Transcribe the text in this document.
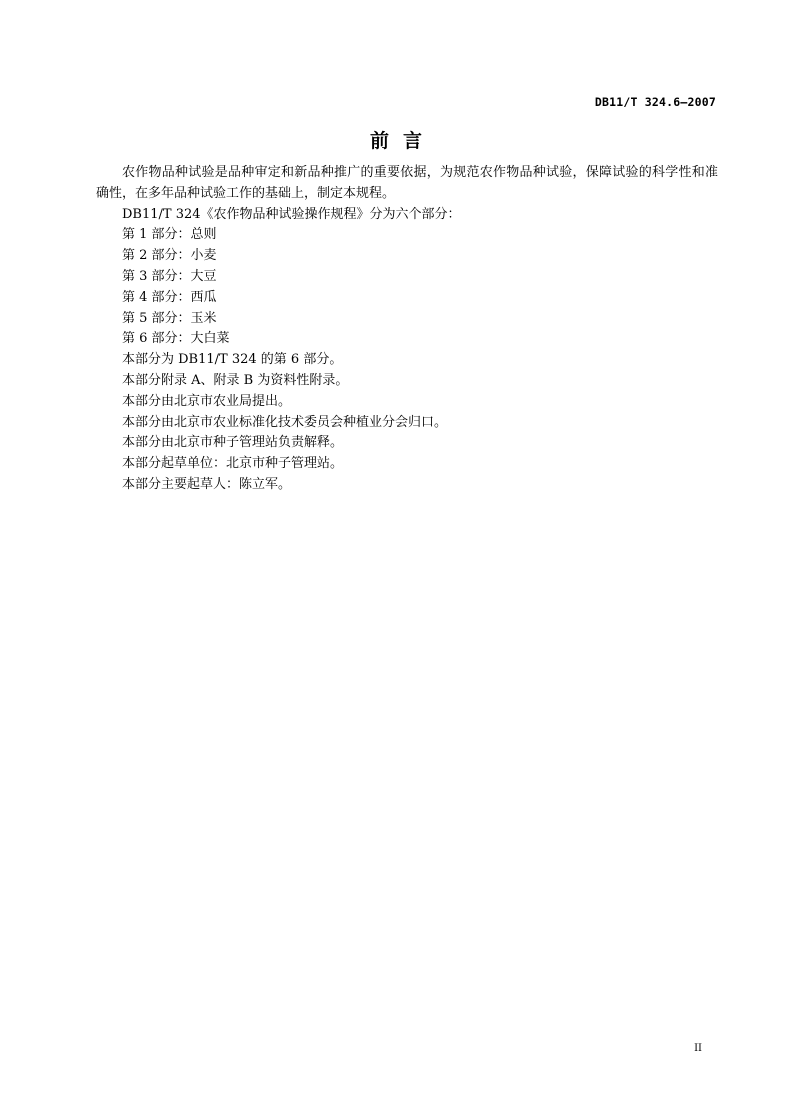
DB11/T 324.6—2007
前言

农作物品种试验是品种审定和新品种推广的重要依据，为规范农作物品种试验，保障试验的科学性和准确性，在多年品种试验工作的基础上，制定本规程。

DB11/T 324《农作物品种试验操作规程》分为六个部分：

第 1 部分：总则

第 2 部分：小麦

第 3 部分：大豆

第 4 部分：西瓜

第 5 部分：玉米

第 6 部分：大白菜

本部分为 DB11/T 324 的第 6 部分。

本部分附录 A、附录 B 为资料性附录。

本部分由北京市农业局提出。

本部分由北京市农业标准化技术委员会种植业分会归口。

本部分由北京市种子管理站负责解释。

本部分起草单位：北京市种子管理站。

本部分主要起草人：陈立军。

II
